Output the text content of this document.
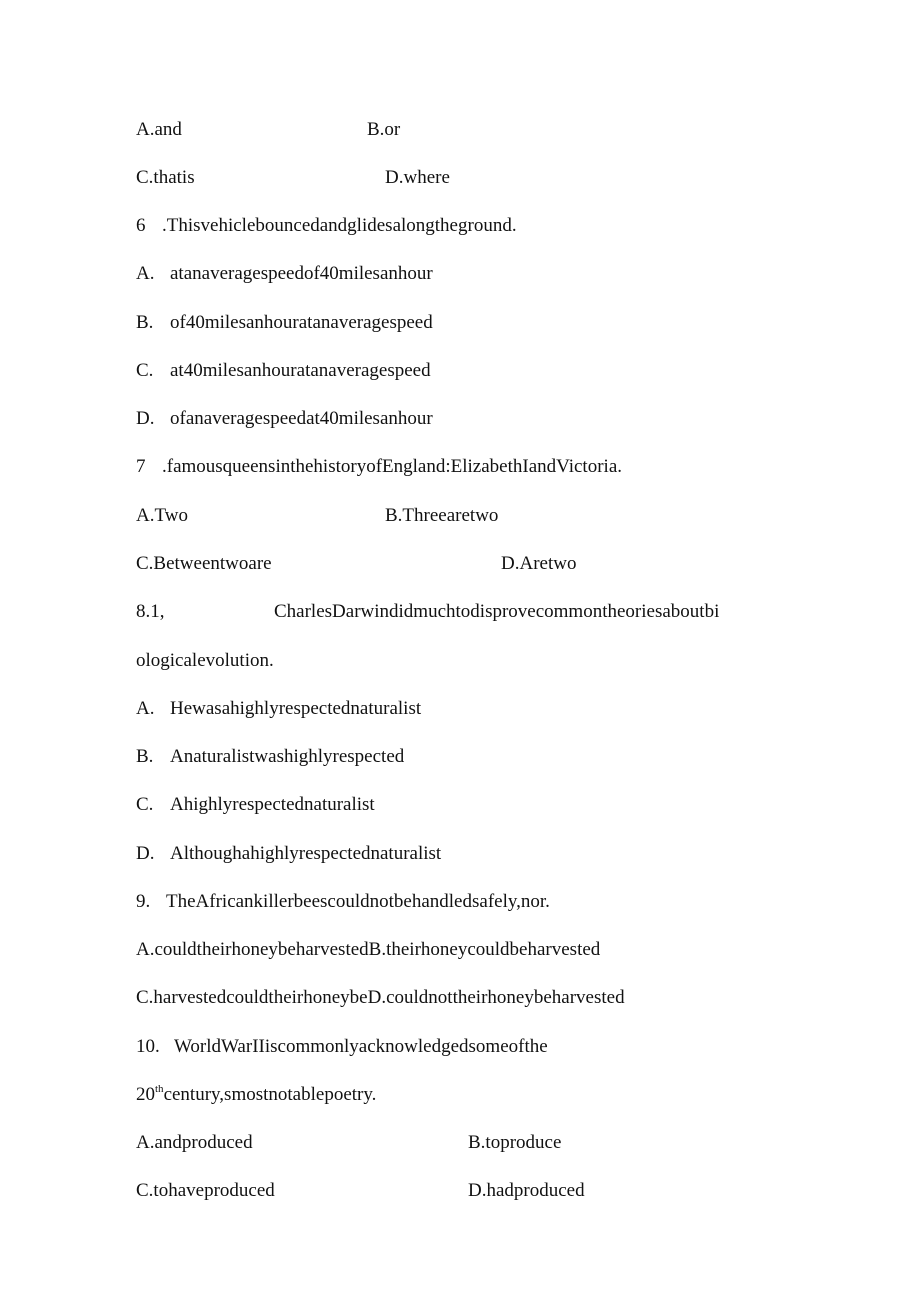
A.and	B.or
C.thatis	D.where
6 .Thisvehiclebouncedandglidesalongtheground.
A. atanaveragespeedof40milesanhour
B. of40milesanhouratanaveragespeed
C. at40milesanhouratanaveragespeed
D. ofanaveragespeedat40milesanhour
7 .famousqueensinthehistoryofEngland:ElizabethIandVictoria.
A.Two	B.Threearetwo
C.Betweentwoare	D.Aretwo
8.1,	CharlesDarwindidmuchtodisprovecommontheoriesaboutbi
ologicalevolution.
A. Hewasahighlyrespectednaturalist
B. Anaturalistwashighlyrespected
C. Ahighlyrespectednaturalist
D. Althoughahighlyrespectednaturalist
9. TheAfricankillerbeescouldnotbehandledsafely,nor.
A.couldtheirhoneybeharvestedB.theirhoneycouldbeharvested
C.harvestedcouldtheirhoneybeD.couldnottheirhoneybeharvested
10. WorldWarIIiscommonlyacknowledgedsomeofthe
20thcentury,smostnotablepoetry.
A.andproduced	B.toproduce
C.tohaveproduced	D.hadproduced
